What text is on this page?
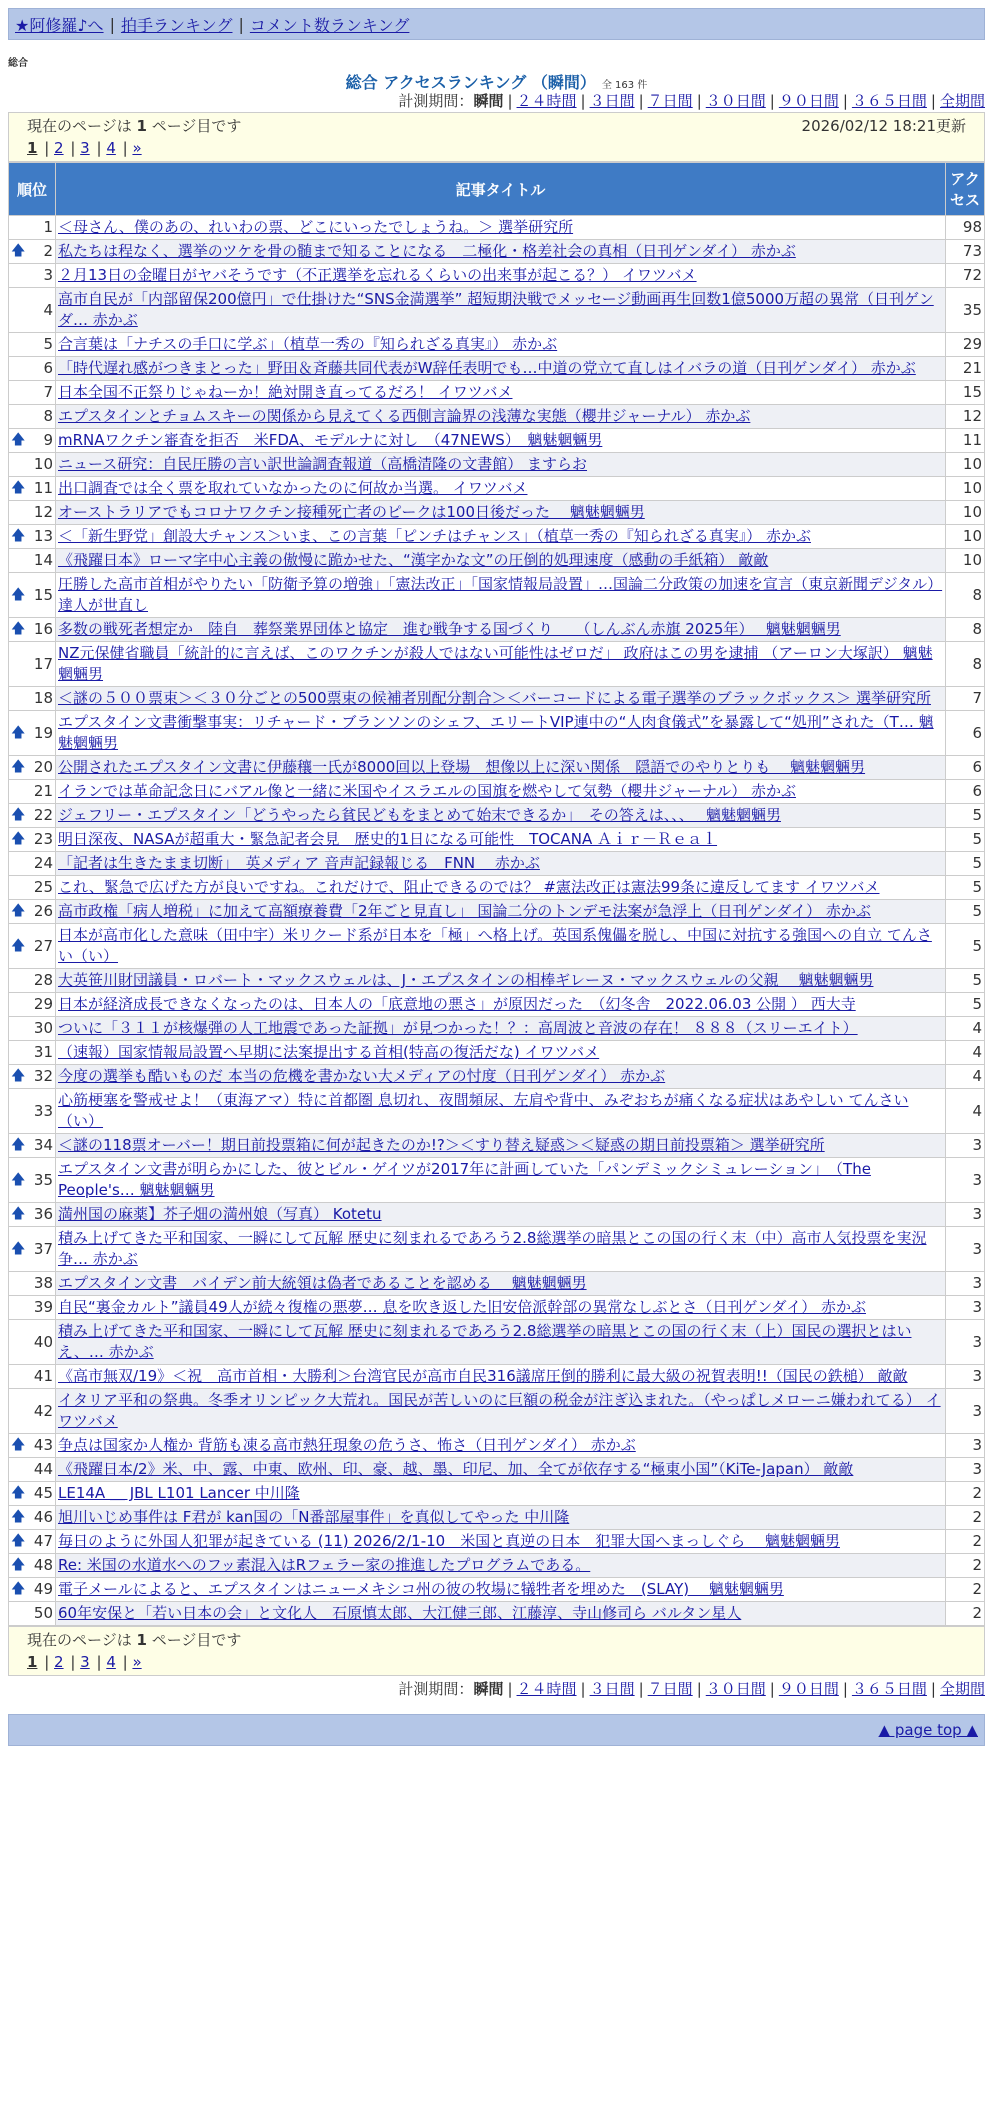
★阿修羅♪へ | 拍手ランキング | コメント数ランキング
総合
総合 アクセスランキング （瞬間） 全 163 件
計測期間：瞬間 | ２４時間 | ３日間 | ７日間 | ３０日間 | ９０日間 | ３６５日間 | 全期間
現在のページは 1 ページ目です	2026/02/12 18:21更新
1 | 2 | 3 | 4 | »
順位	記事タイトル	アクセス
1	＜母さん、僕のあの、れいわの票、どこにいったでしょうね。＞ 選挙研究所	98

🡅 2	私たちは程なく、選挙のツケを骨の髄まで知ることになる　二極化・格差社会の真相（日刊ゲンダイ） 赤かぶ	73
3	２月13日の金曜日がヤバそうです（不正選挙を忘れるくらいの出来事が起こる？） イワツバメ	72
4	高市自民が「内部留保200億円」で仕掛けた“SNS金満選挙” 超短期決戦でメッセージ動画再生回数1億5000万超の異常（日刊ゲンダ… 赤かぶ	35
5	合言葉は「ナチスの手口に学ぶ」（植草一秀の『知られざる真実』） 赤かぶ	29
6	「時代遅れ感がつきまとった」野田＆斉藤共同代表がW辞任表明でも…中道の党立て直しはイバラの道（日刊ゲンダイ） 赤かぶ	21
7	日本全国不正祭りじゃねーか！絶対開き直ってるだろ！ イワツバメ	15
8	エプスタインとチョムスキーの関係から見えてくる西側言論界の浅薄な実態（櫻井ジャーナル） 赤かぶ	12

🡅 9	mRNAワクチン審査を拒否　米FDA、モデルナに対し　（47NEWS）　魑魅魍魎男	11
10	ニュース研究：自民圧勝の言い訳世論調査報道（高橋清隆の文書館） ますらお	10

🡅 11	出口調査では全く票を取れていなかったのに何故か当選。 イワツバメ	10
12	オーストラリアでもコロナワクチン接種死亡者のピークは100日後だった　 魑魅魍魎男	10

🡅 13	＜「新生野党」創設大チャンス＞いま、この言葉「ピンチはチャンス」（植草一秀の『知られざる真実』） 赤かぶ	10
14	《飛躍日本》ローマ字中心主義の傲慢に跪かせた、“漢字かな文”の圧倒的処理速度（感動の手紙箱） 敵敵	10

🡅 15	圧勝した高市首相がやりたい「防衛予算の増強」「憲法改正」「国家情報局設置」…国論二分政策の加速を宣言（東京新聞デジタル） 達人が世直し	8

🡅 16	多数の戦死者想定か　陸自　葬祭業界団体と協定　進む戦争する国づくり　　（しんぶん赤旗 2025年）　 魑魅魍魎男	8
17	NZ元保健省職員「統計的に言えば、このワクチンが殺人ではない可能性はゼロだ」 政府はこの男を逮捕 （アーロン大塚訳） 魑魅魍魎男	8
18	＜謎の５００票束＞＜３０分ごとの500票束の候補者別配分割合＞＜バーコードによる電子選挙のブラックボックス＞ 選挙研究所	7

🡅 19	エプスタイン文書衝撃事実：リチャード・ブランソンのシェフ、エリートVIP連中の“人肉食儀式”を暴露して“処刑”された（T… 魑魅魍魎男	6

🡅 20	公開されたエプスタイン文書に伊藤穰一氏が8000回以上登場　想像以上に深い関係　隠語でのやりとりも　 魑魅魍魎男	6
21	イランでは革命記念日にバアル像と一緒に米国やイスラエルの国旗を燃やして気勢（櫻井ジャーナル） 赤かぶ	6

🡅 22	ジェフリー・エプスタイン「どうやったら貧民どもをまとめて始末できるか」　その答えは、、、　 魑魅魍魎男	5

🡅 23	明日深夜、NASAが超重大・緊急記者会見　歴史的1日になる可能性　TOCANA Ａｉｒ－Ｒｅａｌ	5
24	「記者は生きたまま切断」　英メディア 音声記録報じる　FNN　 赤かぶ	5
25	これ、緊急で広げた方が良いですね。これだけで、阻止できるのでは？ #憲法改正は憲法99条に違反してます イワツバメ	5

🡅 26	高市政権「病人増税」に加えて高額療養費「2年ごと見直し」 国論二分のトンデモ法案が急浮上（日刊ゲンダイ） 赤かぶ	5

🡅 27	日本が高市化した意味（田中宇）米リクード系が日本を「極」へ格上げ。英国系傀儡を脱し、中国に対抗する強国への自立 てんさい（い）	5
28	大英笹川財団議員・ロバート・マックスウェルは、J・エプスタインの相棒ギレーヌ・マックスウェルの父親　 魑魅魍魎男	5
29	日本が経済成長できなくなったのは、日本人の「底意地の悪さ」が原因だった　（幻冬舎　2022.06.03 公開 ） 西大寺	5
30	ついに「３１１が核爆弾の人工地震であった証拠」が見つかった！？：高周波と音波の存在！ ８８８（スリーエイト）	4
31	（速報）国家情報局設置へ早期に法案提出する首相(特高の復活だな) イワツバメ	4

🡅 32	今度の選挙も酷いものだ 本当の危機を書かない大メディアの忖度（日刊ゲンダイ） 赤かぶ	4
33	心筋梗塞を警戒せよ！（東海アマ）特に首都圏 息切れ、夜間頻尿、左肩や背中、みぞおちが痛くなる症状はあやしい てんさい（い）	4

🡅 34	＜謎の118票オーバー！期日前投票箱に何が起きたのか!?＞＜すり替え疑惑＞＜疑惑の期日前投票箱＞ 選挙研究所	3

🡅 35	エプスタイン文書が明らかにした、彼とビル・ゲイツが2017年に計画していた「パンデミックシミュレーション」　（The People's… 魑魅魍魎男	3

🡅 36	満州国の麻薬】芥子畑の満州娘（写真） Kotetu	3

🡅 37	積み上げてきた平和国家、一瞬にして瓦解 歴史に刻まれるであろう2.8総選挙の暗黒とこの国の行く末（中）高市人気投票を実況争… 赤かぶ	3
38	エプスタイン文書　バイデン前大統領は偽者であることを認める　 魑魅魍魎男	3
39	自民“裏金カルト”議員49人が続々復権の悪夢… 息を吹き返した旧安倍派幹部の異常なしぶとさ（日刊ゲンダイ） 赤かぶ	3
40	積み上げてきた平和国家、一瞬にして瓦解 歴史に刻まれるであろう2.8総選挙の暗黒とこの国の行く末（上）国民の選択とはいえ、… 赤かぶ	3
41	《高市無双/19》＜祝　高市首相・大勝利＞台湾官民が高市自民316議席圧倒的勝利に最大級の祝賀表明!!（国民の鉄槌） 敵敵	3
42	イタリア平和の祭典。冬季オリンピック大荒れ。国民が苦しいのに巨額の税金が注ぎ込まれた。（やっぱしメローニ嫌われてる） イワツバメ	3

🡅 43	争点は国家か人権か 背筋も凍る高市熱狂現象の危うさ、怖さ（日刊ゲンダイ） 赤かぶ	3
44	《飛躍日本/2》米、中、露、中東、欧州、印、豪、越、墨、印尼、加、全てが依存する“極東小国”（KiTe-Japan） 敵敵	3

🡅 45	LE14A ＿ JBL L101 Lancer 中川隆	2

🡅 46	旭川いじめ事件は F君が kan国の「N番部屋事件」を真似してやった 中川隆	2

🡅 47	毎日のように外国人犯罪が起きている (11) 2026/2/1-10　米国と真逆の日本　犯罪大国へまっしぐら　 魑魅魍魎男	2

🡅 48	Re: 米国の水道水へのフッ素混入はRフェラー家の推進したプログラムである。	2

🡅 49	電子メールによると、エプスタインはニューメキシコ州の彼の牧場に犠牲者を埋めた　(SLAY)　 魑魅魍魎男	2
50	60年安保と「若い日本の会」と文化人　石原慎太郎、大江健三郎、江藤淳、寺山修司ら バルタン星人	2
現在のページは 1 ページ目です
1 | 2 | 3 | 4 | »
計測期間：瞬間 | ２４時間 | ３日間 | ７日間 | ３０日間 | ９０日間 | ３６５日間 | 全期間
▲ page top ▲
